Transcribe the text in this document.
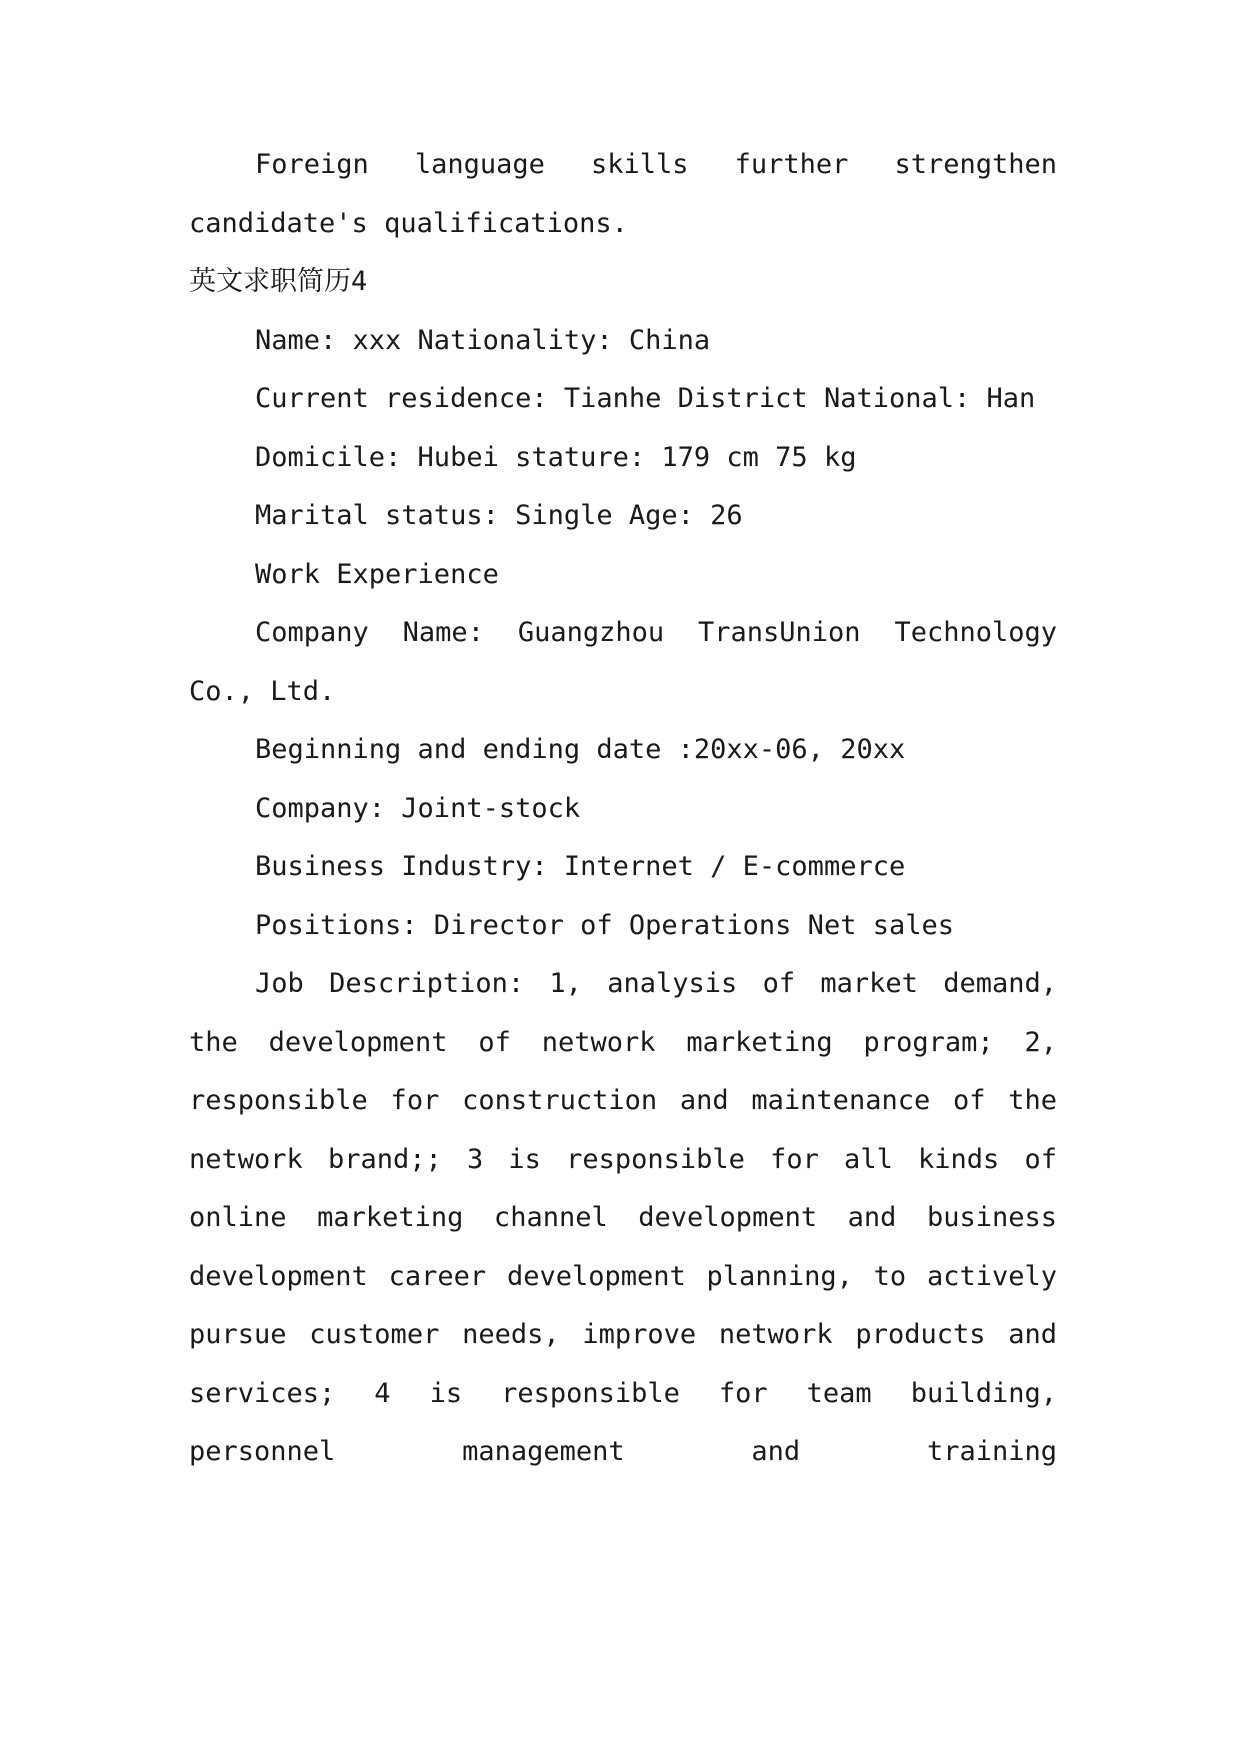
Foreign language skills further strengthen candidate's qualifications.

英文求职简历4

Name: xxx Nationality: China

Current residence: Tianhe District National: Han

Domicile: Hubei stature: 179 cm 75 kg

Marital status: Single Age: 26

Work Experience

Company Name: Guangzhou TransUnion Technology Co., Ltd.

Beginning and ending date :20xx-06, 20xx

Company: Joint-stock

Business Industry: Internet / E-commerce

Positions: Director of Operations Net sales

Job Description: 1, analysis of market demand, the development of network marketing program; 2, responsible for construction and maintenance of the network brand;; 3 is responsible for all kinds of online marketing channel development and business development career development planning, to actively pursue customer needs, improve network products and services; 4 is responsible for team building, personnel management and training
